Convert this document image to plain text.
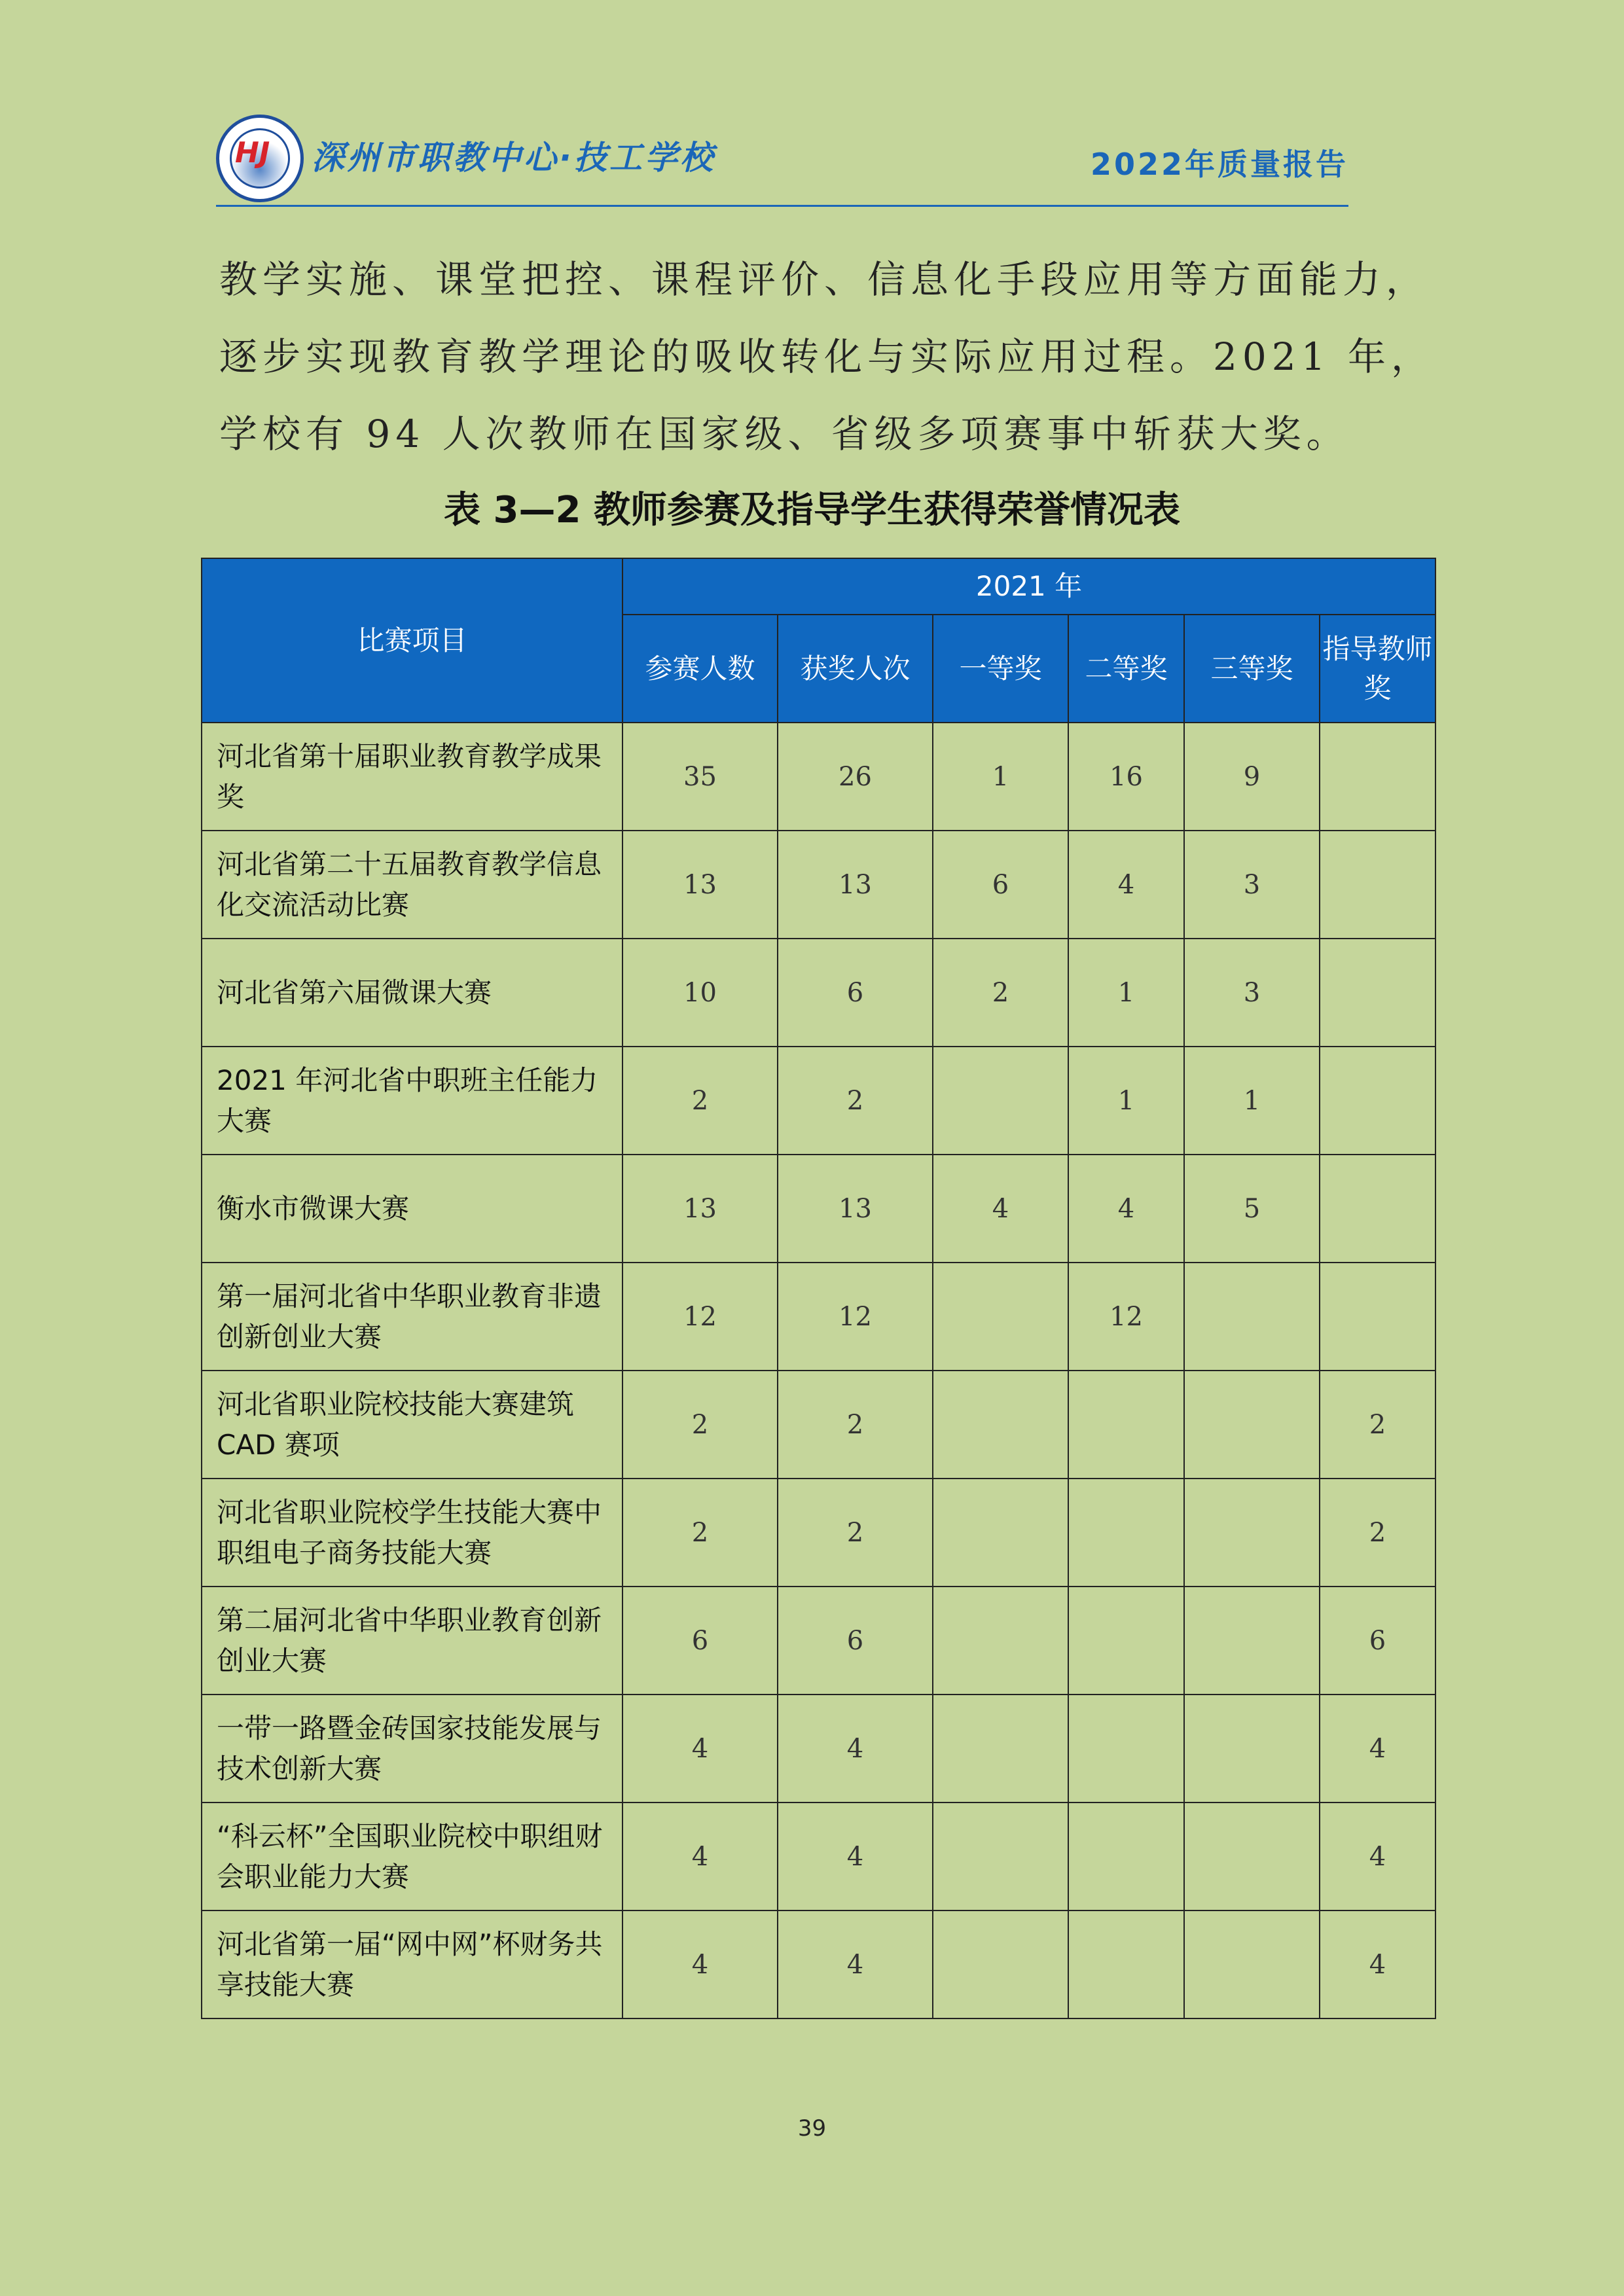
HJ 深州市职教中心·技工学校	2022年质量报告
教学实施、课堂把控、课程评价、信息化手段应用等方面能力，
逐步实现教育教学理论的吸收转化与实际应用过程。2021 年，
学校有 94 人次教师在国家级、省级多项赛事中斩获大奖。
表 3—2 教师参赛及指导学生获得荣誉情况表
比赛项目	2021 年					
	参赛人数	获奖人次	一等奖	二等奖	三等奖	指导教师奖
河北省第十届职业教育教学成果奖	35	26	1	16	9	
河北省第二十五届教育教学信息化交流活动比赛	13	13	6	4	3	
河北省第六届微课大赛	10	6	2	1	3	
2021 年河北省中职班主任能力大赛	2	2		1	1	
衡水市微课大赛	13	13	4	4	5	
第一届河北省中华职业教育非遗创新创业大赛	12	12		12		
河北省职业院校技能大赛建筑 CAD 赛项	2	2				2
河北省职业院校学生技能大赛中职组电子商务技能大赛	2	2				2
第二届河北省中华职业教育创新创业大赛	6	6				6
一带一路暨金砖国家技能发展与技术创新大赛	4	4				4
“科云杯”全国职业院校中职组财会职业能力大赛	4	4				4
河北省第一届“网中网”杯财务共享技能大赛	4	4				4
39
